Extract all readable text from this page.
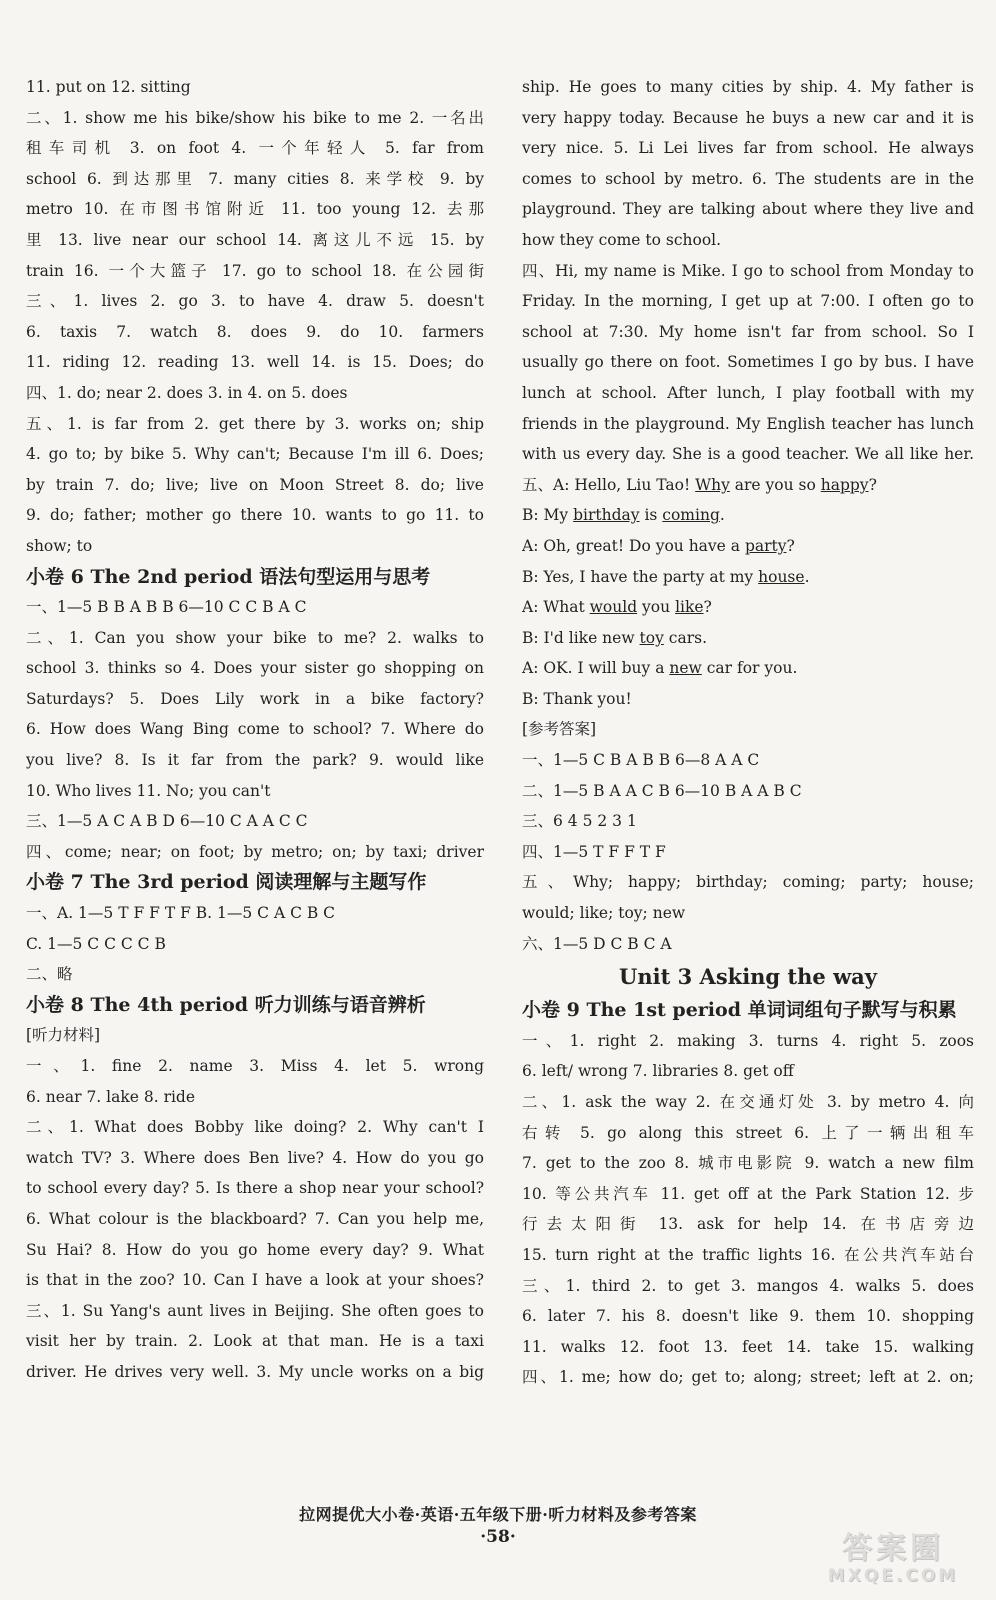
11. put on 12. sitting
二、1. show me his bike/show his bike to me 2. 一名出
租车司机 3. on foot 4. 一个年轻人 5. far from
school 6. 到达那里 7. many cities 8. 来学校 9. by
metro 10. 在市图书馆附近 11. too young 12. 去那
里 13. live near our school 14. 离这儿不远 15. by
train 16. 一个大篮子 17. go to school 18. 在公园街
三、1. lives 2. go 3. to have 4. draw 5. doesn't
6. taxis 7. watch 8. does 9. do 10. farmers
11. riding 12. reading 13. well 14. is 15. Does; do
四、1. do; near 2. does 3. in 4. on 5. does
五、1. is far from 2. get there by 3. works on; ship
4. go to; by bike 5. Why can't; Because I'm ill 6. Does;
by train 7. do; live; live on Moon Street 8. do; live
9. do; father; mother go there 10. wants to go 11. to
show; to
小卷 6 The 2nd period 语法句型运用与思考
一、1—5 B B A B B 6—10 C C B A C
二、1. Can you show your bike to me? 2. walks to
school 3. thinks so 4. Does your sister go shopping on
Saturdays? 5. Does Lily work in a bike factory?
6. How does Wang Bing come to school? 7. Where do
you live? 8. Is it far from the park? 9. would like
10. Who lives 11. No; you can't
三、1—5 A C A B D 6—10 C A A C C
四、come; near; on foot; by metro; on; by taxi; driver
小卷 7 The 3rd period 阅读理解与主题写作
一、A. 1—5 T F F T F B. 1—5 C A C B C
C. 1—5 C C C C B
二、略
小卷 8 The 4th period 听力训练与语音辨析
[听力材料]
一、1. fine 2. name 3. Miss 4. let 5. wrong
6. near 7. lake 8. ride
二、1. What does Bobby like doing? 2. Why can't I
watch TV? 3. Where does Ben live? 4. How do you go
to school every day? 5. Is there a shop near your school?
6. What colour is the blackboard? 7. Can you help me,
Su Hai? 8. How do you go home every day? 9. What
is that in the zoo? 10. Can I have a look at your shoes?
三、1. Su Yang's aunt lives in Beijing. She often goes to
visit her by train. 2. Look at that man. He is a taxi
driver. He drives very well. 3. My uncle works on a big
ship. He goes to many cities by ship. 4. My father is
very happy today. Because he buys a new car and it is
very nice. 5. Li Lei lives far from school. He always
comes to school by metro. 6. The students are in the
playground. They are talking about where they live and
how they come to school.
四、Hi, my name is Mike. I go to school from Monday to
Friday. In the morning, I get up at 7:00. I often go to
school at 7:30. My home isn't far from school. So I
usually go there on foot. Sometimes I go by bus. I have
lunch at school. After lunch, I play football with my
friends in the playground. My English teacher has lunch
with us every day. She is a good teacher. We all like her.
五、A: Hello, Liu Tao! Why are you so happy?
B: My birthday is coming.
A: Oh, great! Do you have a party?
B: Yes, I have the party at my house.
A: What would you like?
B: I'd like new toy cars.
A: OK. I will buy a new car for you.
B: Thank you!
[参考答案]
一、1—5 C B A B B 6—8 A A C
二、1—5 B A A C B 6—10 B A A B C
三、6 4 5 2 3 1
四、1—5 T F F T F
五、Why; happy; birthday; coming; party; house;
would; like; toy; new
六、1—5 D C B C A
Unit 3 Asking the way
小卷 9 The 1st period 单词词组句子默写与积累
一、1. right 2. making 3. turns 4. right 5. zoos
6. left/ wrong 7. libraries 8. get off
二、1. ask the way 2. 在交通灯处 3. by metro 4. 向
右转 5. go along this street 6. 上了一辆出租车
7. get to the zoo 8. 城市电影院 9. watch a new film
10. 等公共汽车 11. get off at the Park Station 12. 步
行去太阳街 13. ask for help 14. 在书店旁边
15. turn right at the traffic lights 16. 在公共汽车站台
三、1. third 2. to get 3. mangos 4. walks 5. does
6. later 7. his 8. doesn't like 9. them 10. shopping
11. walks 12. foot 13. feet 14. take 15. walking
四、1. me; how do; get to; along; street; left at 2. on;
拉网提优大小卷·英语·五年级下册·听力材料及参考答案
·58·	答案圈
MXQE.COM
